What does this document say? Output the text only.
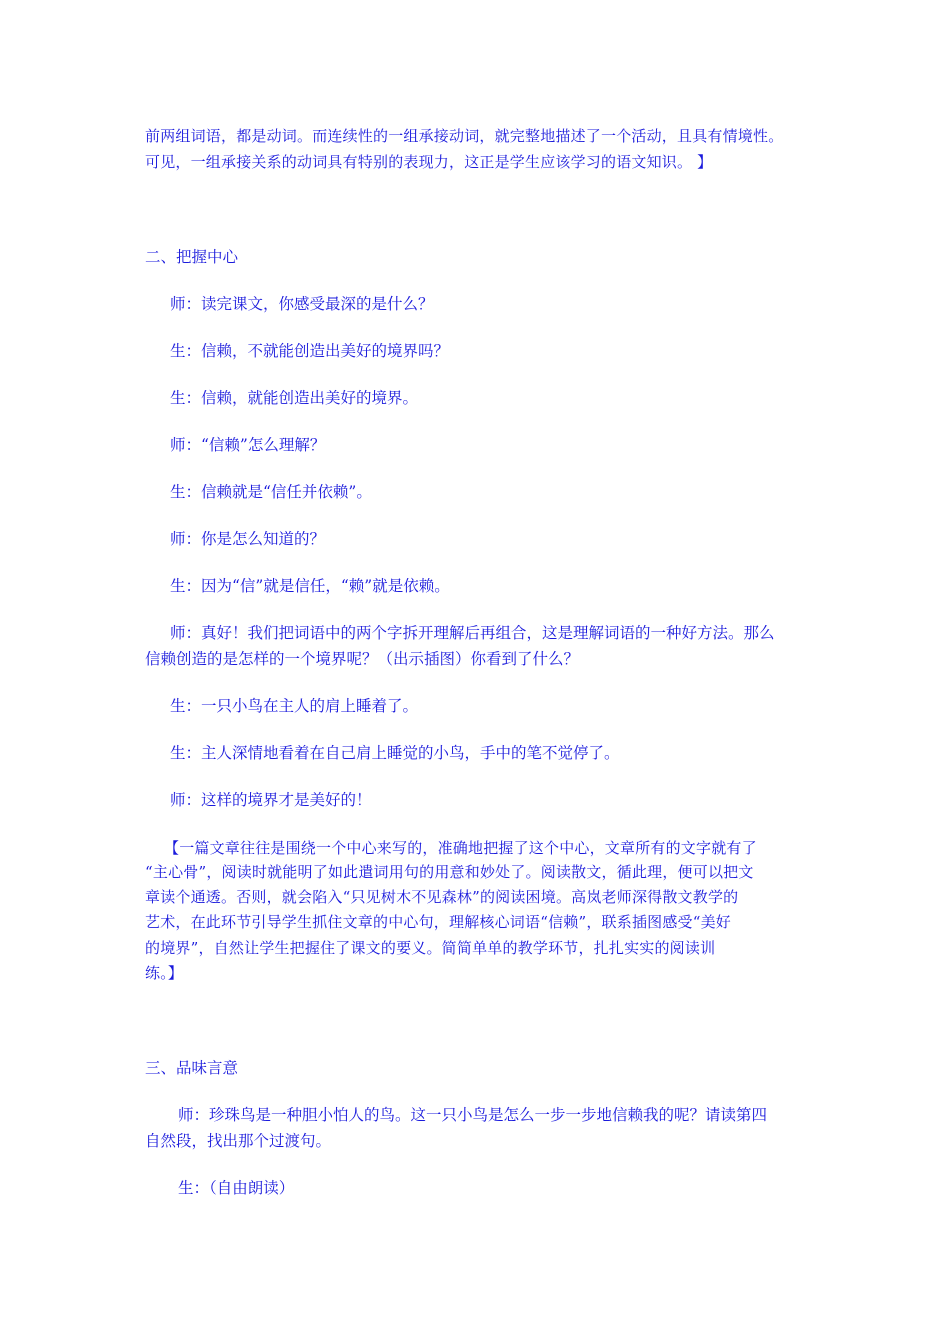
前两组词语，都是动词。而连续性的一组承接动词，就完整地描述了一个活动，且具有情境性。
可见，一组承接关系的动词具有特别的表现力，这正是学生应该学习的语文知识。 】
二、把握中心
师：读完课文，你感受最深的是什么？
生：信赖，不就能创造出美好的境界吗？
生：信赖，就能创造出美好的境界。
师：“信赖”怎么理解？
生：信赖就是“信任并依赖”。
师：你是怎么知道的？
生：因为“信”就是信任，“赖”就是依赖。
师：真好！我们把词语中的两个字拆开理解后再组合，这是理解词语的一种好方法。那么
信赖创造的是怎样的一个境界呢？（出示插图）你看到了什么？
生：一只小鸟在主人的肩上睡着了。
生：主人深情地看着在自己肩上睡觉的小鸟，手中的笔不觉停了。
师：这样的境界才是美好的！
【一篇文章往往是围绕一个中心来写的，准确地把握了这个中心，文章所有的文字就有了
“主心骨”，阅读时就能明了如此遣词用句的用意和妙处了。阅读散文，循此理，便可以把文
章读个通透。否则，就会陷入“只见树木不见森林”的阅读困境。高岚老师深得散文教学的
艺术，在此环节引导学生抓住文章的中心句，理解核心词语“信赖”，联系插图感受“美好
的境界”，自然让学生把握住了课文的要义。简简单单的教学环节，扎扎实实的阅读训
练。】
三、品味言意
师：珍珠鸟是一种胆小怕人的鸟。这一只小鸟是怎么一步一步地信赖我的呢？请读第四
自然段，找出那个过渡句。
生：（自由朗读）
